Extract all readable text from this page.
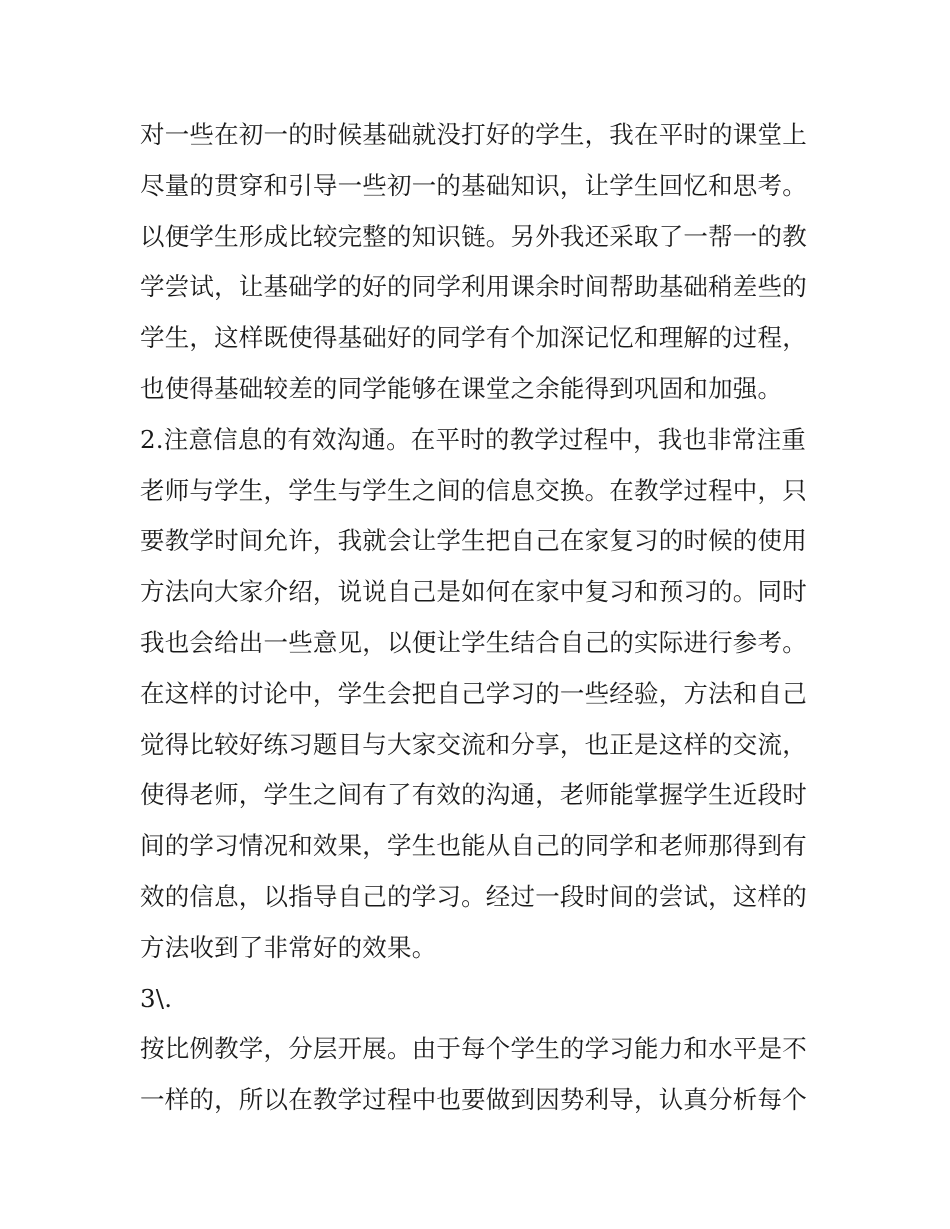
对一些在初一的时候基础就没打好的学生，我在平时的课堂上
尽量的贯穿和引导一些初一的基础知识，让学生回忆和思考。
以便学生形成比较完整的知识链。另外我还采取了一帮一的教
学尝试，让基础学的好的同学利用课余时间帮助基础稍差些的
学生，这样既使得基础好的同学有个加深记忆和理解的过程，
也使得基础较差的同学能够在课堂之余能得到巩固和加强。
2.注意信息的有效沟通。在平时的教学过程中，我也非常注重
老师与学生，学生与学生之间的信息交换。在教学过程中，只
要教学时间允许，我就会让学生把自己在家复习的时候的使用
方法向大家介绍，说说自己是如何在家中复习和预习的。同时
我也会给出一些意见，以便让学生结合自己的实际进行参考。
在这样的讨论中，学生会把自己学习的一些经验，方法和自己
觉得比较好练习题目与大家交流和分享，也正是这样的交流，
使得老师，学生之间有了有效的沟通，老师能掌握学生近段时
间的学习情况和效果，学生也能从自己的同学和老师那得到有
效的信息，以指导自己的学习。经过一段时间的尝试，这样的
方法收到了非常好的效果。
3\.
按比例教学，分层开展。由于每个学生的学习能力和水平是不
一样的，所以在教学过程中也要做到因势利导，认真分析每个
